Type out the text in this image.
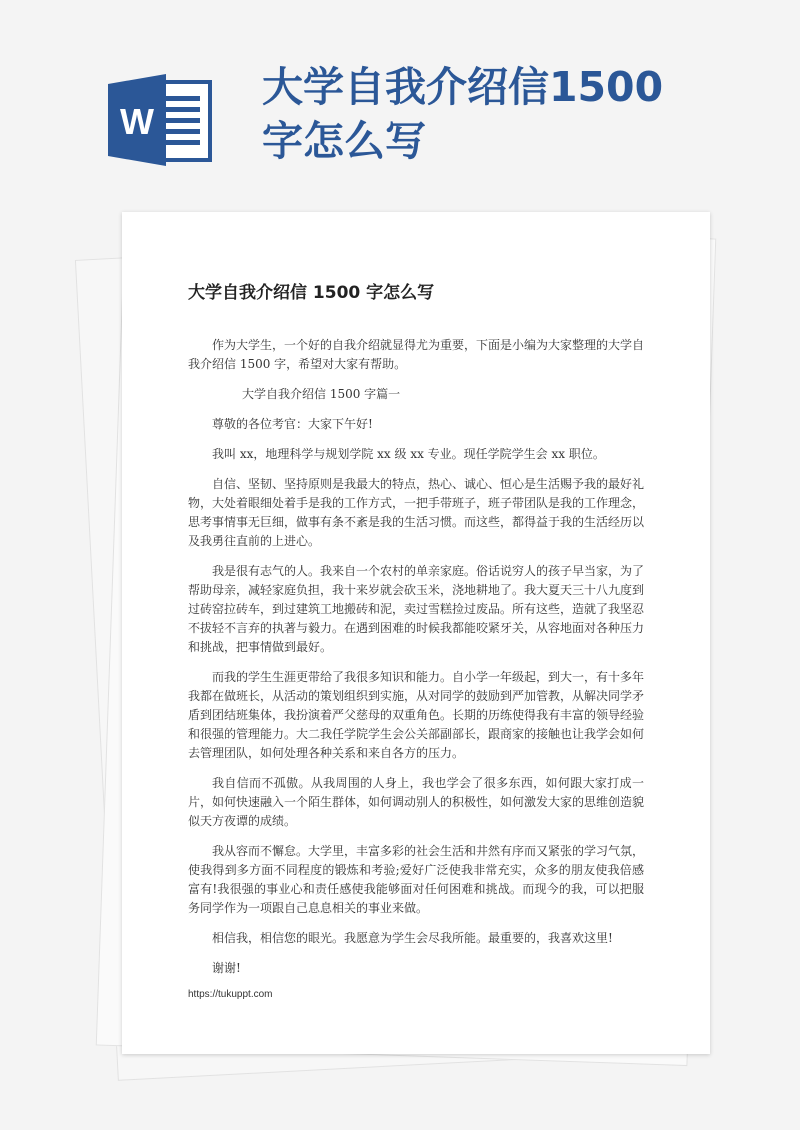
W
大学自我介绍信1500字怎么写
大学自我介绍信 1500 字怎么写

作为大学生，一个好的自我介绍就显得尤为重要，下面是小编为大家整理的大学自我介绍信 1500 字，希望对大家有帮助。

大学自我介绍信 1500 字篇一

尊敬的各位考官：大家下午好!

我叫 xx，地理科学与规划学院 xx 级 xx 专业。现任学院学生会 xx 职位。

自信、坚韧、坚持原则是我最大的特点，热心、诚心、恒心是生活赐予我的最好礼物，大处着眼细处着手是我的工作方式，一把手带班子，班子带团队是我的工作理念，思考事情事无巨细，做事有条不紊是我的生活习惯。而这些，都得益于我的生活经历以及我勇往直前的上进心。

我是很有志气的人。我来自一个农村的单亲家庭。俗话说穷人的孩子早当家，为了帮助母亲，减轻家庭负担，我十来岁就会砍玉米，浇地耕地了。我大夏天三十八九度到过砖窑拉砖车，到过建筑工地搬砖和泥，卖过雪糕捡过废品。所有这些，造就了我坚忍不拔轻不言弃的执著与毅力。在遇到困难的时候我都能咬紧牙关，从容地面对各种压力和挑战，把事情做到最好。

而我的学生生涯更带给了我很多知识和能力。自小学一年级起，到大一，有十多年我都在做班长，从活动的策划组织到实施，从对同学的鼓励到严加管教，从解决同学矛盾到团结班集体，我扮演着严父慈母的双重角色。长期的历练使得我有丰富的领导经验和很强的管理能力。大二我任学院学生会公关部副部长，跟商家的接触也让我学会如何去管理团队，如何处理各种关系和来自各方的压力。

我自信而不孤傲。从我周围的人身上，我也学会了很多东西，如何跟大家打成一片，如何快速融入一个陌生群体，如何调动别人的积极性，如何激发大家的思维创造貌似天方夜谭的成绩。

我从容而不懈怠。大学里，丰富多彩的社会生活和井然有序而又紧张的学习气氛，使我得到多方面不同程度的锻炼和考验;爱好广泛使我非常充实，众多的朋友使我倍感富有!我很强的事业心和责任感使我能够面对任何困难和挑战。而现今的我，可以把服务同学作为一项跟自己息息相关的事业来做。

相信我，相信您的眼光。我愿意为学生会尽我所能。最重要的，我喜欢这里!

谢谢!

https://tukuppt.com
